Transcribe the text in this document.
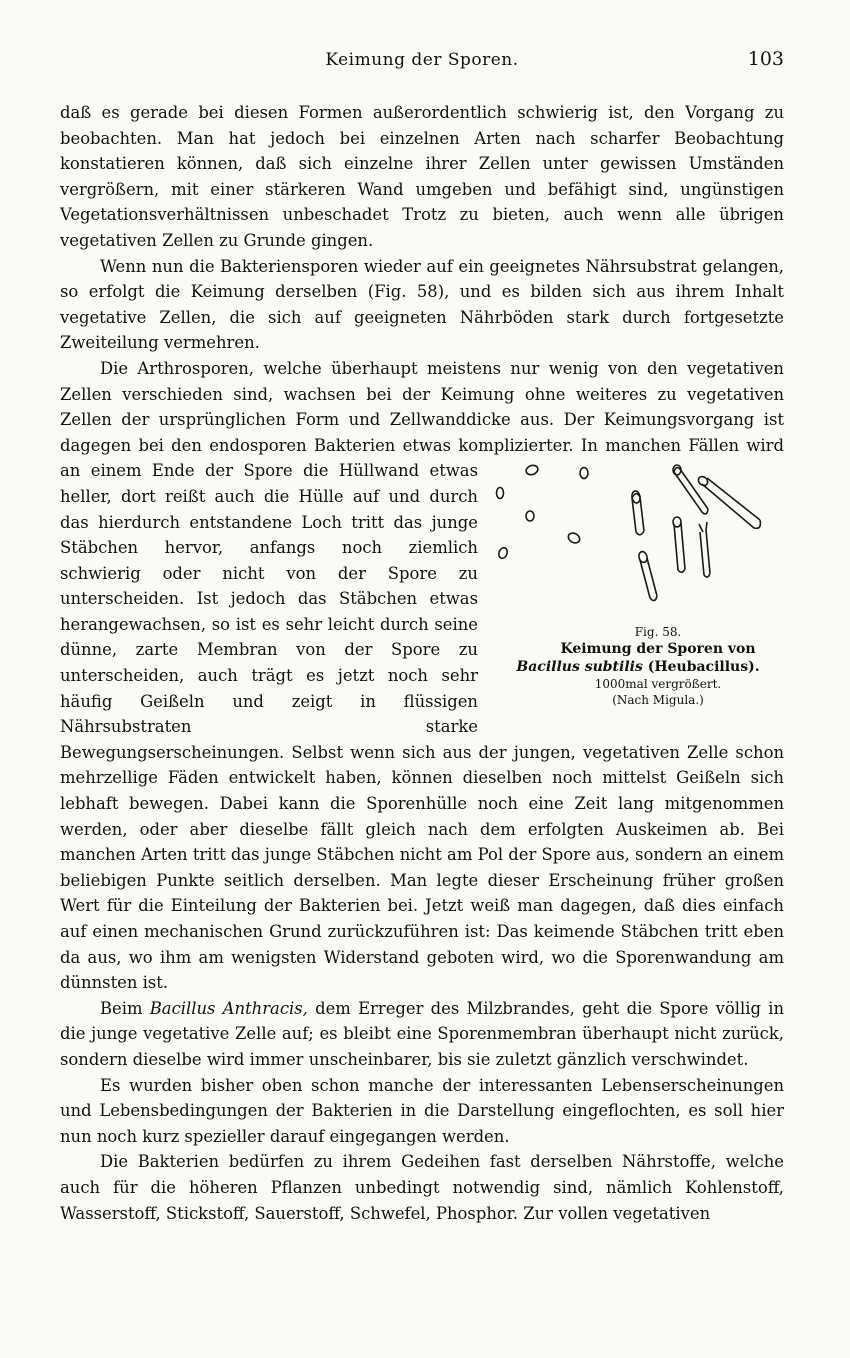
Keimung der Sporen.	103

daß es gerade bei diesen Formen außerordentlich schwierig ist, den Vorgang zu beobachten. Man hat jedoch bei einzelnen Arten nach scharfer Beobachtung konstatieren können, daß sich einzelne ihrer Zellen unter gewissen Umständen vergrößern, mit einer stärkeren Wand umgeben und befähigt sind, ungünstigen Vegetationsverhältnissen unbeschadet Trotz zu bieten, auch wenn alle übrigen vegetativen Zellen zu Grunde gingen.

Wenn nun die Bakteriensporen wieder auf ein geeignetes Nährsubstrat gelangen, so erfolgt die Keimung derselben (Fig. 58), und es bilden sich aus ihrem Inhalt vegetative Zellen, die sich auf geeigneten Nährböden stark durch fortgesetzte Zweiteilung vermehren.

Die Arthrosporen, welche überhaupt meistens nur wenig von den vegetativen Zellen verschieden sind, wachsen bei der Keimung ohne weiteres zu vegetativen Zellen der ursprünglichen Form und Zellwanddicke aus. Der Keimungsvorgang ist dagegen bei den endosporen Bakterien etwas komplizierter. In manchen Fällen
Fig. 58.
Keimung der Sporen von Bacillus subtilis (Heubacillus).
1000mal vergrößert.
(Nach Migula.)
wird an einem Ende der Spore die Hüllwand etwas heller, dort reißt auch die Hülle auf und durch das hierdurch entstandene Loch tritt das junge Stäbchen hervor, anfangs noch ziemlich schwierig oder nicht von der Spore zu unterscheiden. Ist jedoch das Stäbchen etwas herangewachsen, so ist es sehr leicht durch seine dünne, zarte Membran von der Spore zu unterscheiden, auch trägt es jetzt noch sehr häufig Geißeln und zeigt in flüssigen Nährsubstraten starke Bewegungserscheinungen. Selbst wenn sich aus der jungen, vegetativen Zelle schon mehrzellige Fäden entwickelt haben, können dieselben noch mittelst Geißeln sich lebhaft bewegen. Dabei kann die Sporenhülle noch eine Zeit lang mitgenommen werden, oder aber dieselbe fällt gleich nach dem erfolgten Auskeimen ab. Bei manchen Arten tritt das junge Stäbchen nicht am Pol der Spore aus, sondern an einem beliebigen Punkte seitlich derselben. Man legte dieser Erscheinung früher großen Wert für die Einteilung der Bakterien bei. Jetzt weiß man dagegen, daß dies einfach auf einen mechanischen Grund zurückzuführen ist: Das keimende Stäbchen tritt eben da aus, wo ihm am wenigsten Widerstand geboten wird, wo die Sporenwandung am dünnsten ist.

Beim Bacillus Anthracis, dem Erreger des Milzbrandes, geht die Spore völlig in die junge vegetative Zelle auf; es bleibt eine Sporenmembran überhaupt nicht zurück, sondern dieselbe wird immer unscheinbarer, bis sie zuletzt gänzlich verschwindet.

Es wurden bisher oben schon manche der interessanten Lebenserscheinungen und Lebensbedingungen der Bakterien in die Darstellung eingeflochten, es soll hier nun noch kurz spezieller darauf eingegangen werden.

Die Bakterien bedürfen zu ihrem Gedeihen fast derselben Nährstoffe, welche auch für die höheren Pflanzen unbedingt notwendig sind, nämlich Kohlenstoff, Wasserstoff, Stickstoff, Sauerstoff, Schwefel, Phosphor. Zur vollen vegetativen
